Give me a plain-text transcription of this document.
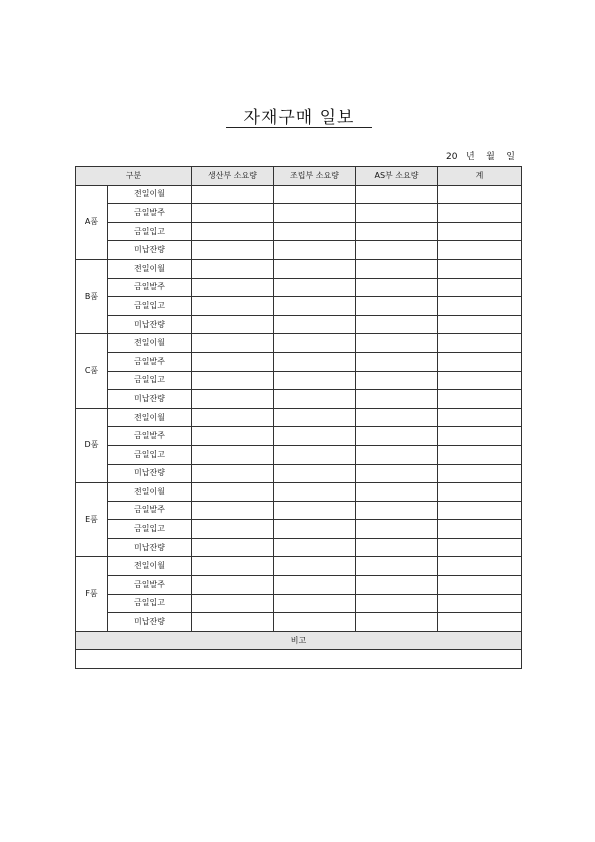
자재구매 일보
20   년    월    일
구분		생산부 소요량	조립부 소요량	AS부 소요량	계
A품	전일이월				
	금일발주				
	금일입고				
	미납잔량				
B품	전일이월				
	금일발주				
	금일입고				
	미납잔량				
C품	전일이월				
	금일발주				
	금일입고				
	미납잔량				
D품	전일이월				
	금일발주				
	금일입고				
	미납잔량				
E품	전일이월				
	금일발주				
	금일입고				
	미납잔량				
F품	전일이월				
	금일발주				
	금일입고				
	미납잔량				
비고					
